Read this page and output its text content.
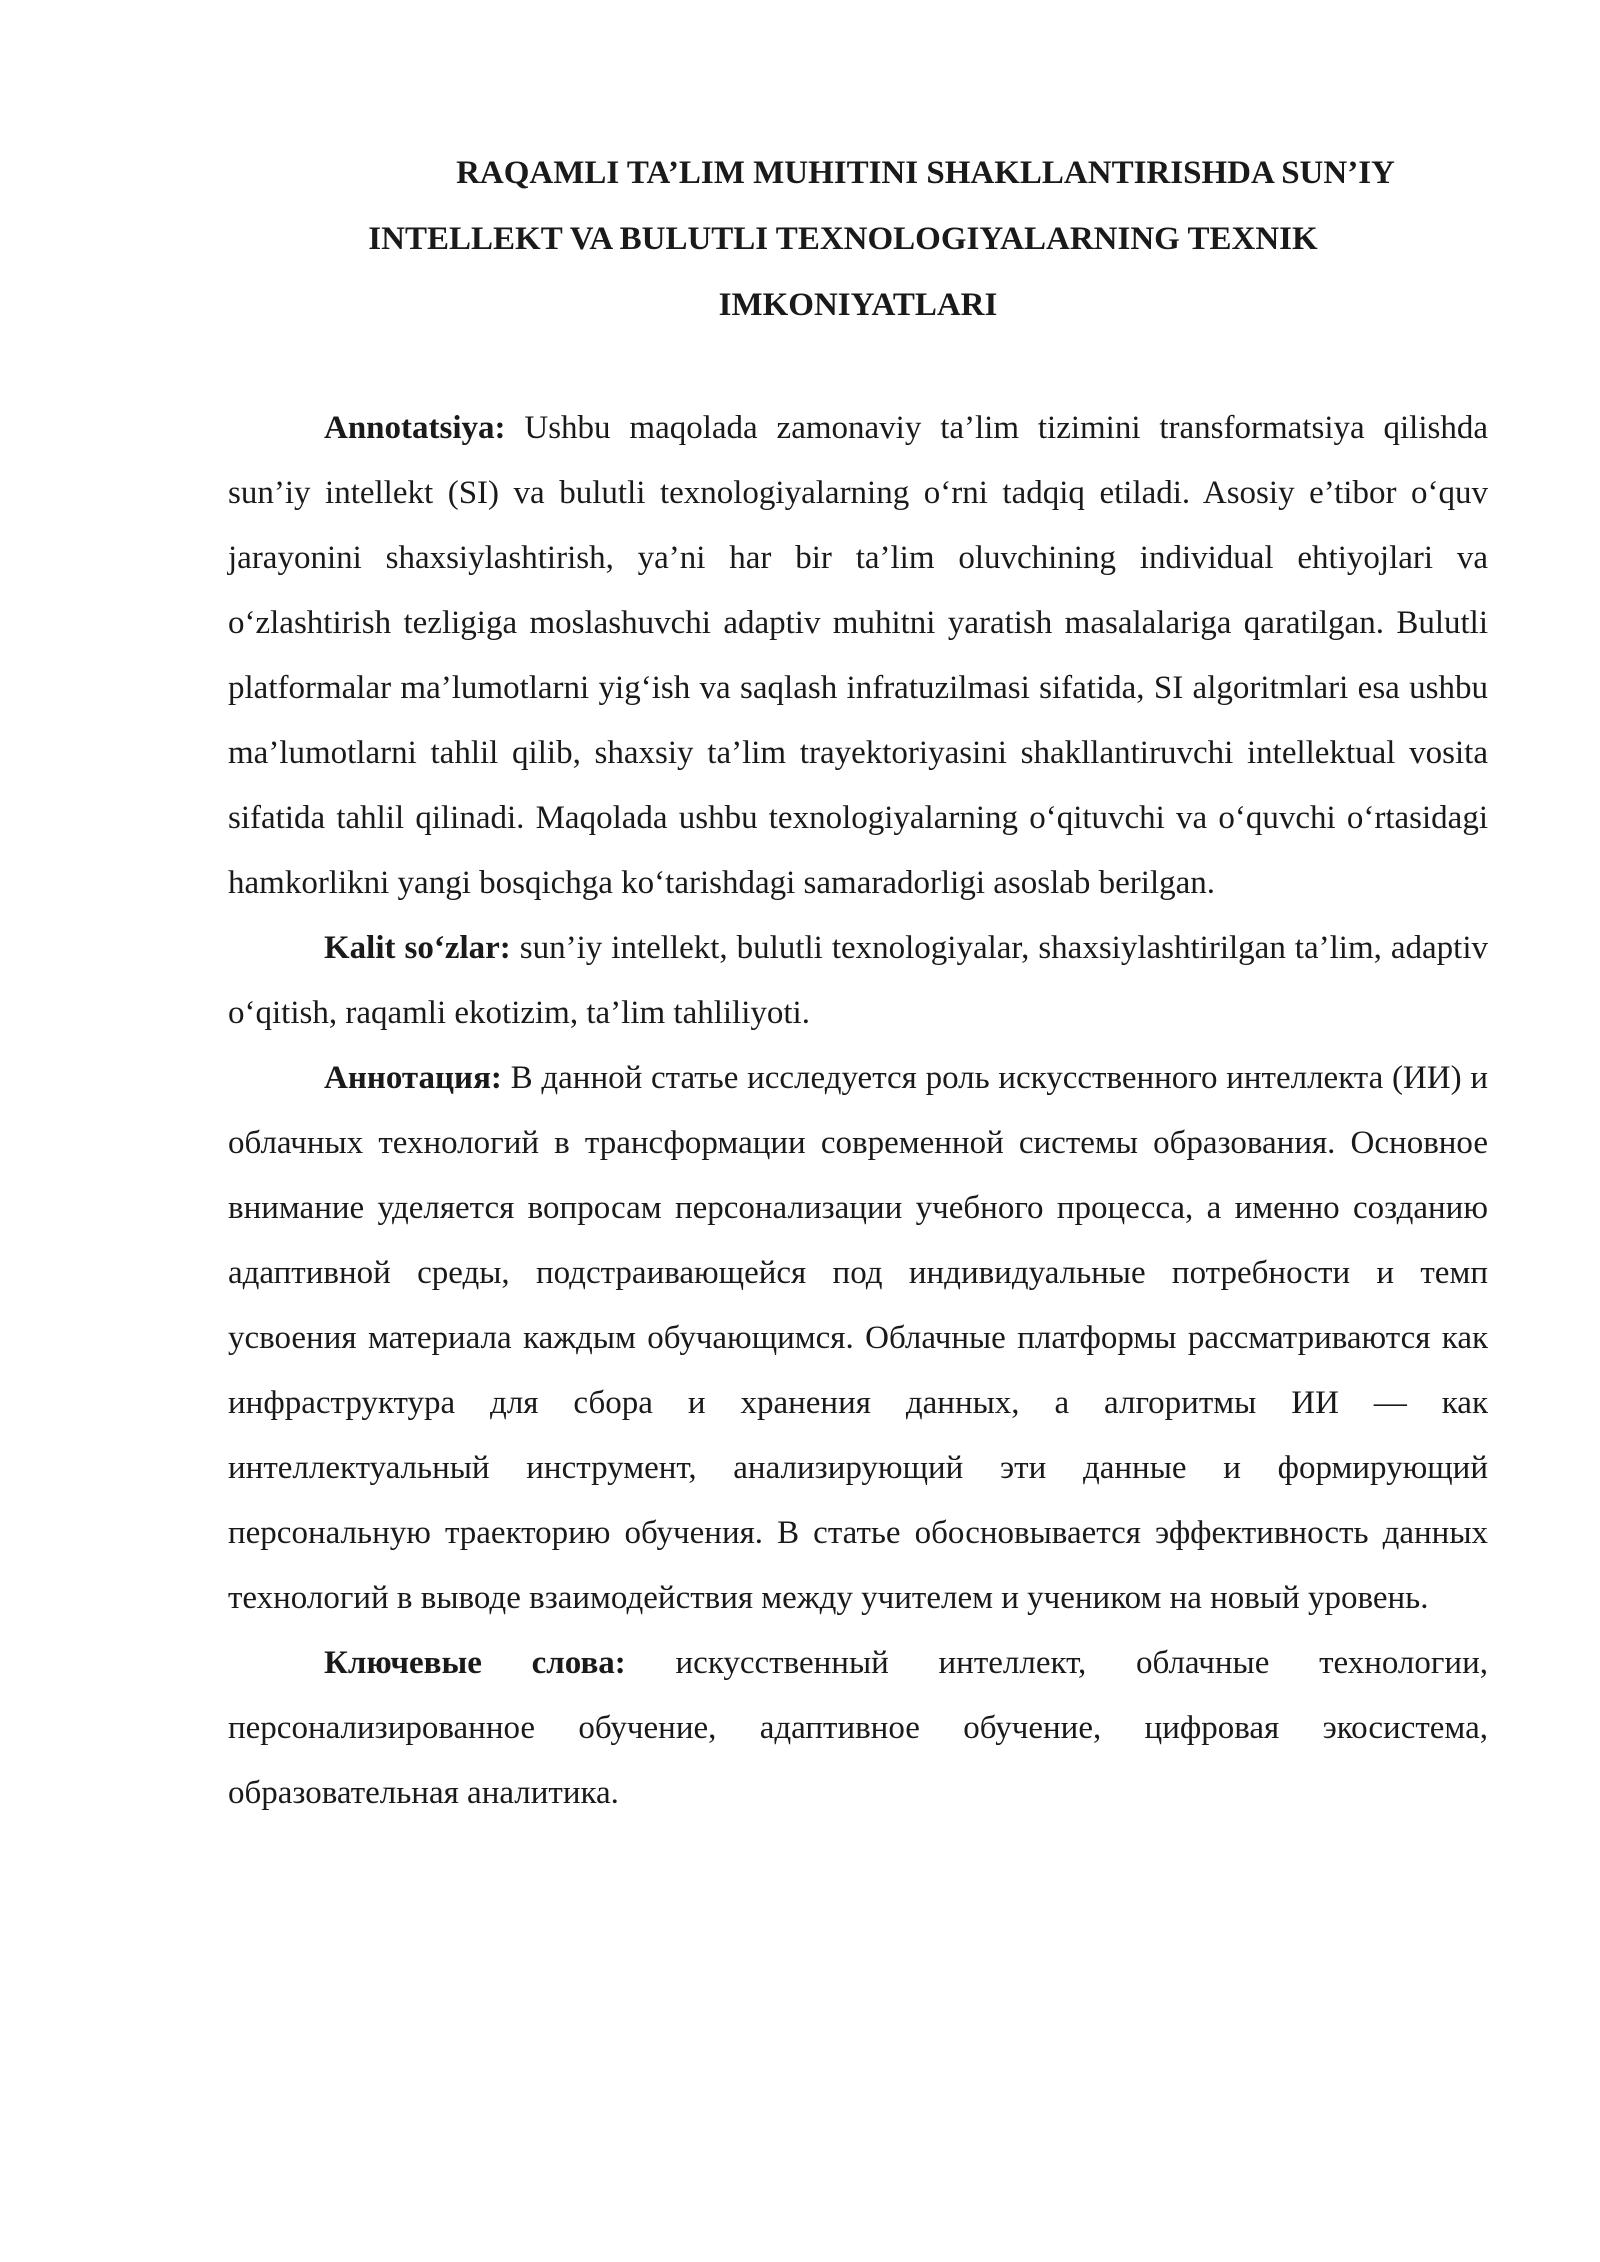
RAQAMLI TA’LIM MUHITINI SHAKLLANTIRISHDA SUN’IY
INTELLEKT VA BULUTLI TEXNOLOGIYALARNING TEXNIK
IMKONIYATLARI

Annotatsiya: Ushbu maqolada zamonaviy ta’lim tizimini transformatsiya qilishda sun’iy intellekt (SI) va bulutli texnologiyalarning o‘rni tadqiq etiladi. Asosiy e’tibor o‘quv jarayonini shaxsiylashtirish, ya’ni har bir ta’lim oluvchining individual ehtiyojlari va o‘zlashtirish tezligiga moslashuvchi adaptiv muhitni yaratish masalalariga qaratilgan. Bulutli platformalar ma’lumotlarni yig‘ish va saqlash infratuzilmasi sifatida, SI algoritmlari esa ushbu ma’lumotlarni tahlil qilib, shaxsiy ta’lim trayektoriyasini shakllantiruvchi intellektual vosita sifatida tahlil qilinadi. Maqolada ushbu texnologiyalarning o‘qituvchi va o‘quvchi o‘rtasidagi hamkorlikni yangi bosqichga ko‘tarishdagi samaradorligi asoslab berilgan.

Kalit so‘zlar: sun’iy intellekt, bulutli texnologiyalar, shaxsiylashtirilgan ta’lim, adaptiv o‘qitish, raqamli ekotizim, ta’lim tahliliyoti.

Аннотация: В данной статье исследуется роль искусственного интеллекта (ИИ) и облачных технологий в трансформации современной системы образования. Основное внимание уделяется вопросам персонализации учебного процесса, а именно созданию адаптивной среды, подстраивающейся под индивидуальные потребности и темп усвоения материала каждым обучающимся. Облачные платформы рассматриваются как инфраструктура для сбора и хранения данных, а алгоритмы ИИ — как интеллектуальный инструмент, анализирующий эти данные и формирующий персональную траекторию обучения. В статье обосновывается эффективность данных технологий в выводе взаимодействия между учителем и учеником на новый уровень.

Ключевые слова: искусственный интеллект, облачные технологии, персонализированное обучение, адаптивное обучение, цифровая экосистема, образовательная аналитика.
